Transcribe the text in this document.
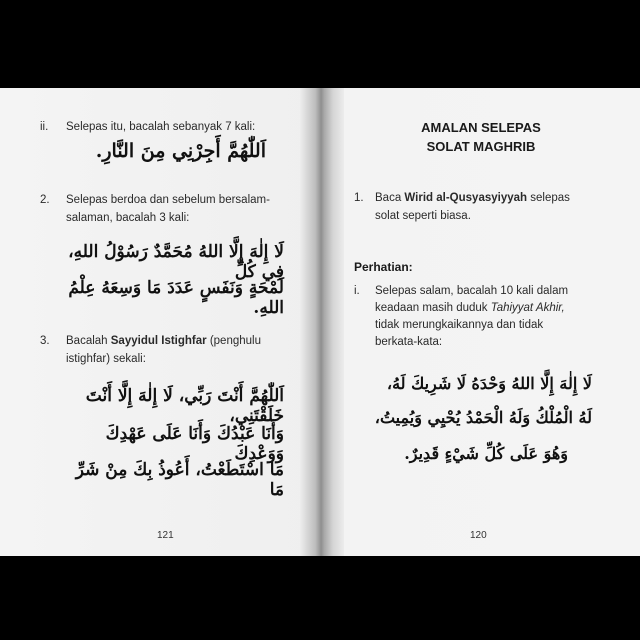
ii. Selepas itu, bacalah sebanyak 7 kali:
اَللّٰهُمَّ أَجِرْنِي مِنَ النَّارِ.
2. Selepas berdoa dan sebelum bersalam-
salaman, bacalah 3 kali:
لَا إِلٰهَ إِلَّا اللهُ مُحَمَّدٌ رَسُوْلُ اللهِ، فِي كُلِّ
لَمْحَةٍ وَنَفَسٍ عَدَدَ مَا وَسِعَهُ عِلْمُ اللهِ.
3. Bacalah Sayyidul Istighfar (penghulu
istighfar) sekali:
اَللّٰهُمَّ أَنْتَ رَبِّي، لَا إِلٰهَ إِلَّا أَنْتَ خَلَقْتَنِي،
وَأَنَا عَبْدُكَ وَأَنَا عَلَى عَهْدِكَ وَوَعْدِكَ
مَا اسْتَطَعْتُ، أَعُوذُ بِكَ مِنْ شَرِّ مَا
121
AMALAN SELEPAS
SOLAT MAGHRIB
1. Baca Wirid al-Qusyasyiyyah selepas
solat seperti biasa.
Perhatian:
i. Selepas salam, bacalah 10 kali dalam
keadaan masih duduk Tahiyyat Akhir,
tidak merungkaikannya dan tidak
berkata-kata:
لَا إِلٰهَ إِلَّا اللهُ وَحْدَهُ لَا شَرِيكَ لَهُ،
لَهُ الْمُلْكُ وَلَهُ الْحَمْدُ يُحْيِي وَيُمِيتُ،
وَهُوَ عَلَى كُلِّ شَيْءٍ قَدِيرٌ.
120
